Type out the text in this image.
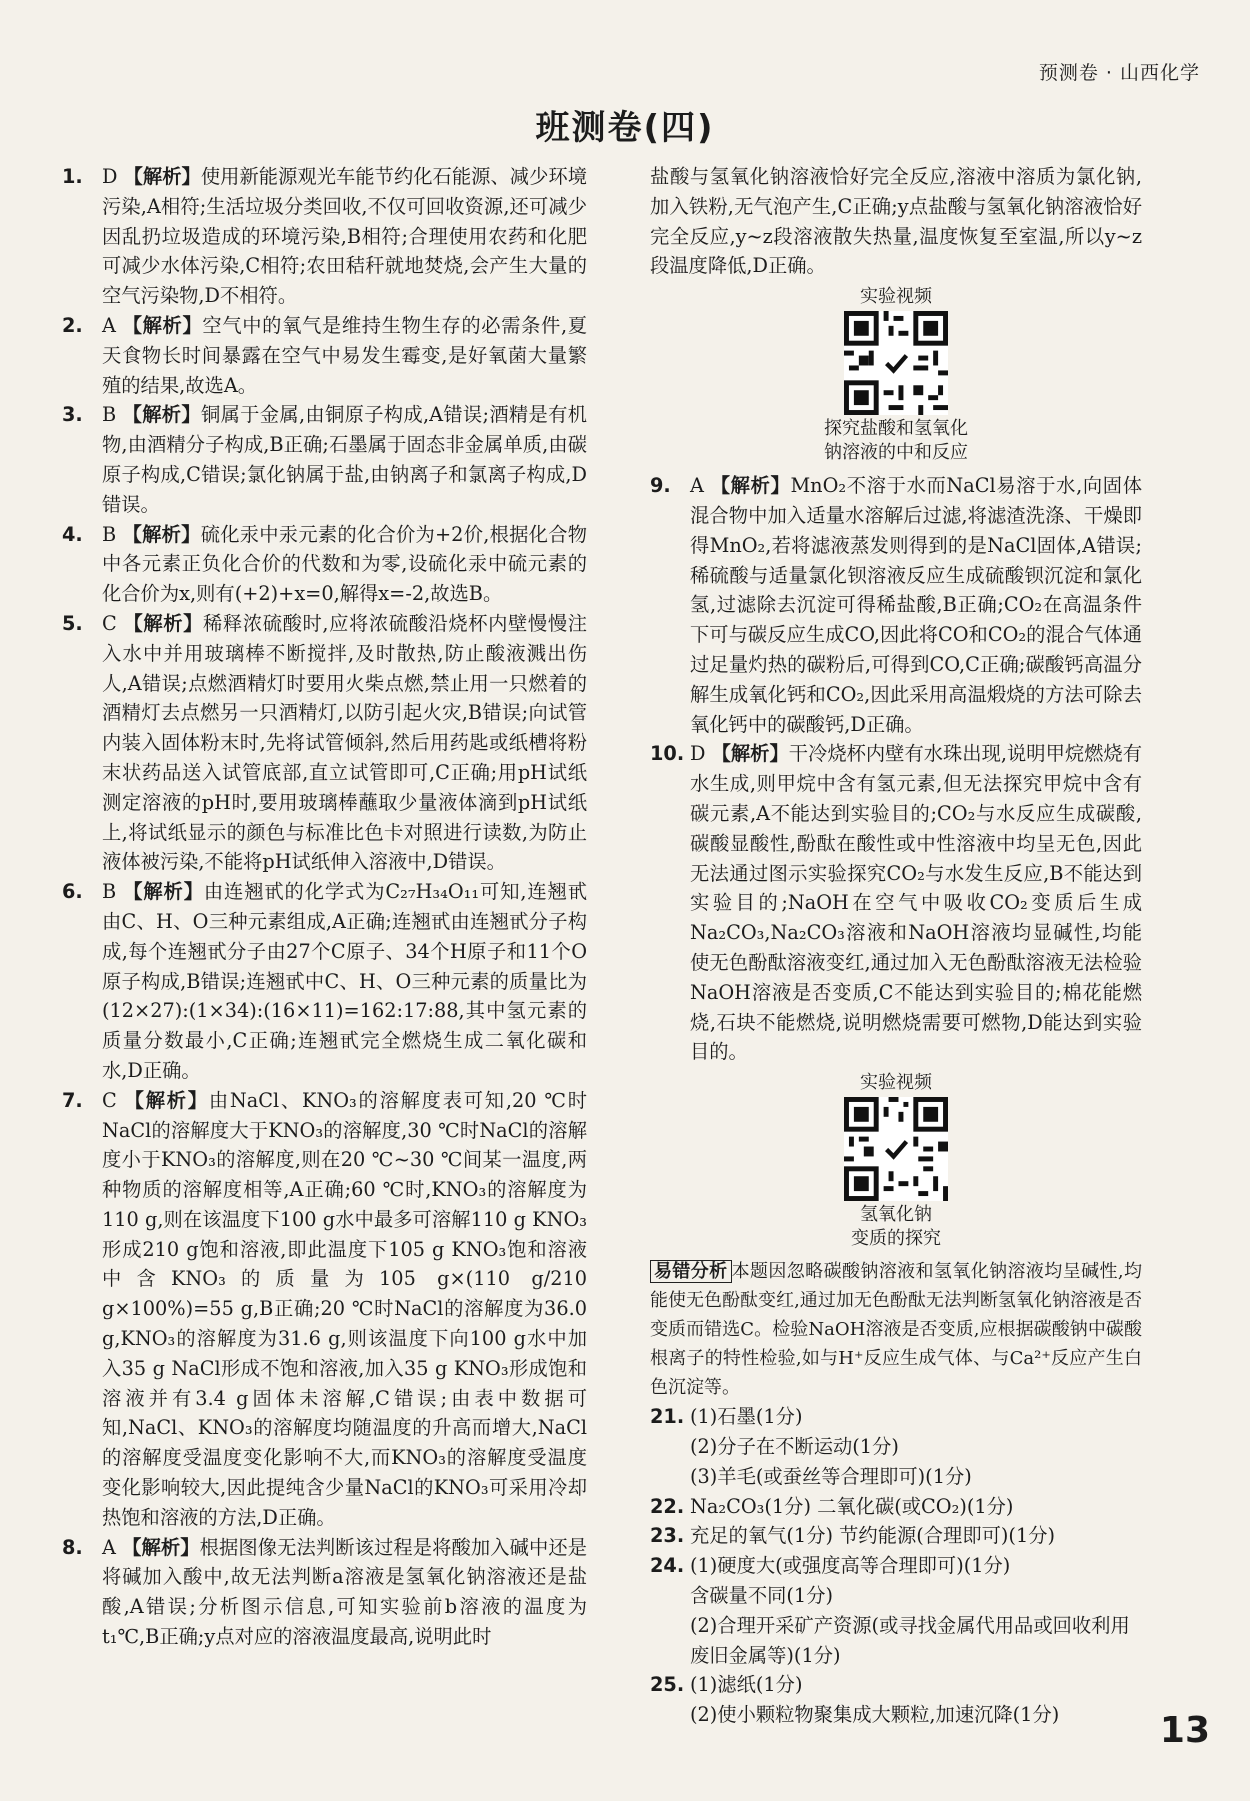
预测卷 · 山西化学
班测卷(四)
1. D 【解析】使用新能源观光车能节约化石能源、减少环境污染,A相符;生活垃圾分类回收,不仅可回收资源,还可减少因乱扔垃圾造成的环境污染,B相符;合理使用农药和化肥可减少水体污染,C相符;农田秸秆就地焚烧,会产生大量的空气污染物,D不相符。
2. A 【解析】空气中的氧气是维持生物生存的必需条件,夏天食物长时间暴露在空气中易发生霉变,是好氧菌大量繁殖的结果,故选A。
3. B 【解析】铜属于金属,由铜原子构成,A错误;酒精是有机物,由酒精分子构成,B正确;石墨属于固态非金属单质,由碳原子构成,C错误;氯化钠属于盐,由钠离子和氯离子构成,D错误。
4. B 【解析】硫化汞中汞元素的化合价为+2价,根据化合物中各元素正负化合价的代数和为零,设硫化汞中硫元素的化合价为x,则有(+2)+x=0,解得x=-2,故选B。
5. C 【解析】稀释浓硫酸时,应将浓硫酸沿烧杯内壁慢慢注入水中并用玻璃棒不断搅拌,及时散热,防止酸液溅出伤人,A错误;点燃酒精灯时要用火柴点燃,禁止用一只燃着的酒精灯去点燃另一只酒精灯,以防引起火灾,B错误;向试管内装入固体粉末时,先将试管倾斜,然后用药匙或纸槽将粉末状药品送入试管底部,直立试管即可,C正确;用pH试纸测定溶液的pH时,要用玻璃棒蘸取少量液体滴到pH试纸上,将试纸显示的颜色与标准比色卡对照进行读数,为防止液体被污染,不能将pH试纸伸入溶液中,D错误。
6. B 【解析】由连翘甙的化学式为C₂₇H₃₄O₁₁可知,连翘甙由C、H、O三种元素组成,A正确;连翘甙由连翘甙分子构成,每个连翘甙分子由27个C原子、34个H原子和11个O原子构成,B错误;连翘甙中C、H、O三种元素的质量比为(12×27):(1×34):(16×11)=162:17:88,其中氢元素的质量分数最小,C正确;连翘甙完全燃烧生成二氧化碳和水,D正确。
7. C 【解析】由NaCl、KNO₃的溶解度表可知,20 ℃时NaCl的溶解度大于KNO₃的溶解度,30 ℃时NaCl的溶解度小于KNO₃的溶解度,则在20 ℃~30 ℃间某一温度,两种物质的溶解度相等,A正确;60 ℃时,KNO₃的溶解度为110 g,则在该温度下100 g水中最多可溶解110 g KNO₃形成210 g饱和溶液,即此温度下105 g KNO₃饱和溶液中含KNO₃的质量为105 g×(110 g/210 g×100%)=55 g,B正确;20 ℃时NaCl的溶解度为36.0 g,KNO₃的溶解度为31.6 g,则该温度下向100 g水中加入35 g NaCl形成不饱和溶液,加入35 g KNO₃形成饱和溶液并有3.4 g固体未溶解,C错误;由表中数据可知,NaCl、KNO₃的溶解度均随温度的升高而增大,NaCl的溶解度受温度变化影响不大,而KNO₃的溶解度受温度变化影响较大,因此提纯含少量NaCl的KNO₃可采用冷却热饱和溶液的方法,D正确。
8. A 【解析】根据图像无法判断该过程是将酸加入碱中还是将碱加入酸中,故无法判断a溶液是氢氧化钠溶液还是盐酸,A错误;分析图示信息,可知实验前b溶液的温度为t₁℃,B正确;y点对应的溶液温度最高,说明此时
盐酸与氢氧化钠溶液恰好完全反应,溶液中溶质为氯化钠,加入铁粉,无气泡产生,C正确;y点盐酸与氢氧化钠溶液恰好完全反应,y~z段溶液散失热量,温度恢复至室温,所以y~z段温度降低,D正确。
实验视频
探究盐酸和氢氧化
钠溶液的中和反应
9. A 【解析】MnO₂不溶于水而NaCl易溶于水,向固体混合物中加入适量水溶解后过滤,将滤渣洗涤、干燥即得MnO₂,若将滤液蒸发则得到的是NaCl固体,A错误;稀硫酸与适量氯化钡溶液反应生成硫酸钡沉淀和氯化氢,过滤除去沉淀可得稀盐酸,B正确;CO₂在高温条件下可与碳反应生成CO,因此将CO和CO₂的混合气体通过足量灼热的碳粉后,可得到CO,C正确;碳酸钙高温分解生成氧化钙和CO₂,因此采用高温煅烧的方法可除去氧化钙中的碳酸钙,D正确。
10. D 【解析】干冷烧杯内壁有水珠出现,说明甲烷燃烧有水生成,则甲烷中含有氢元素,但无法探究甲烷中含有碳元素,A不能达到实验目的;CO₂与水反应生成碳酸,碳酸显酸性,酚酞在酸性或中性溶液中均呈无色,因此无法通过图示实验探究CO₂与水发生反应,B不能达到实验目的;NaOH在空气中吸收CO₂变质后生成Na₂CO₃,Na₂CO₃溶液和NaOH溶液均显碱性,均能使无色酚酞溶液变红,通过加入无色酚酞溶液无法检验NaOH溶液是否变质,C不能达到实验目的;棉花能燃烧,石块不能燃烧,说明燃烧需要可燃物,D能达到实验目的。
实验视频
氢氧化钠
变质的探究
易错分析 本题因忽略碳酸钠溶液和氢氧化钠溶液均呈碱性,均能使无色酚酞变红,通过加无色酚酞无法判断氢氧化钠溶液是否变质而错选C。检验NaOH溶液是否变质,应根据碳酸钠中碳酸根离子的特性检验,如与H⁺反应生成气体、与Ca²⁺反应产生白色沉淀等。
21. (1)石墨(1分)
(2)分子在不断运动(1分)
(3)羊毛(或蚕丝等合理即可)(1分)
22. Na₂CO₃(1分) 二氧化碳(或CO₂)(1分)
23. 充足的氧气(1分) 节约能源(合理即可)(1分)
24. (1)硬度大(或强度高等合理即可)(1分)
含碳量不同(1分)
(2)合理开采矿产资源(或寻找金属代用品或回收利用废旧金属等)(1分)
25. (1)滤纸(1分)
(2)使小颗粒物聚集成大颗粒,加速沉降(1分)	13
